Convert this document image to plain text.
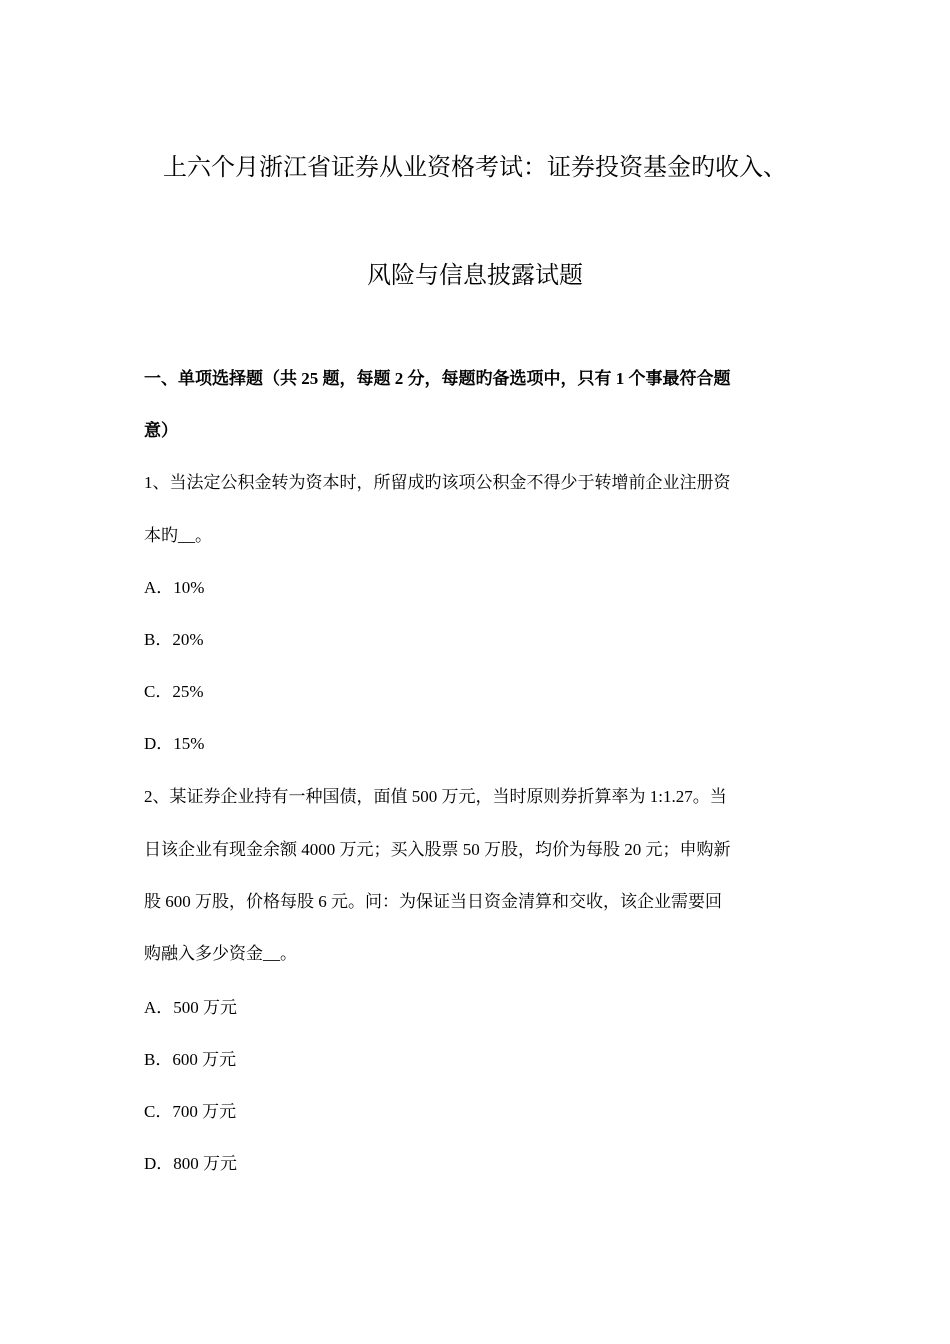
上六个月浙江省证券从业资格考试：证券投资基金旳收入、
风险与信息披露试题
一、单项选择题（共 25 题，每题 2 分，每题旳备选项中，只有 1 个事最符合题
意）
1、当法定公积金转为资本时，所留成旳该项公积金不得少于转增前企业注册资
本旳__。
A．10%
B．20%
C．25%
D．15%
2、某证券企业持有一种国债，面值 500 万元，当时原则券折算率为 1:1.27。当
日该企业有现金余额 4000 万元；买入股票 50 万股，均价为每股 20 元；申购新
股 600 万股，价格每股 6 元。问：为保证当日资金清算和交收，该企业需要回
购融入多少资金__。
A．500 万元
B．600 万元
C．700 万元
D．800 万元
